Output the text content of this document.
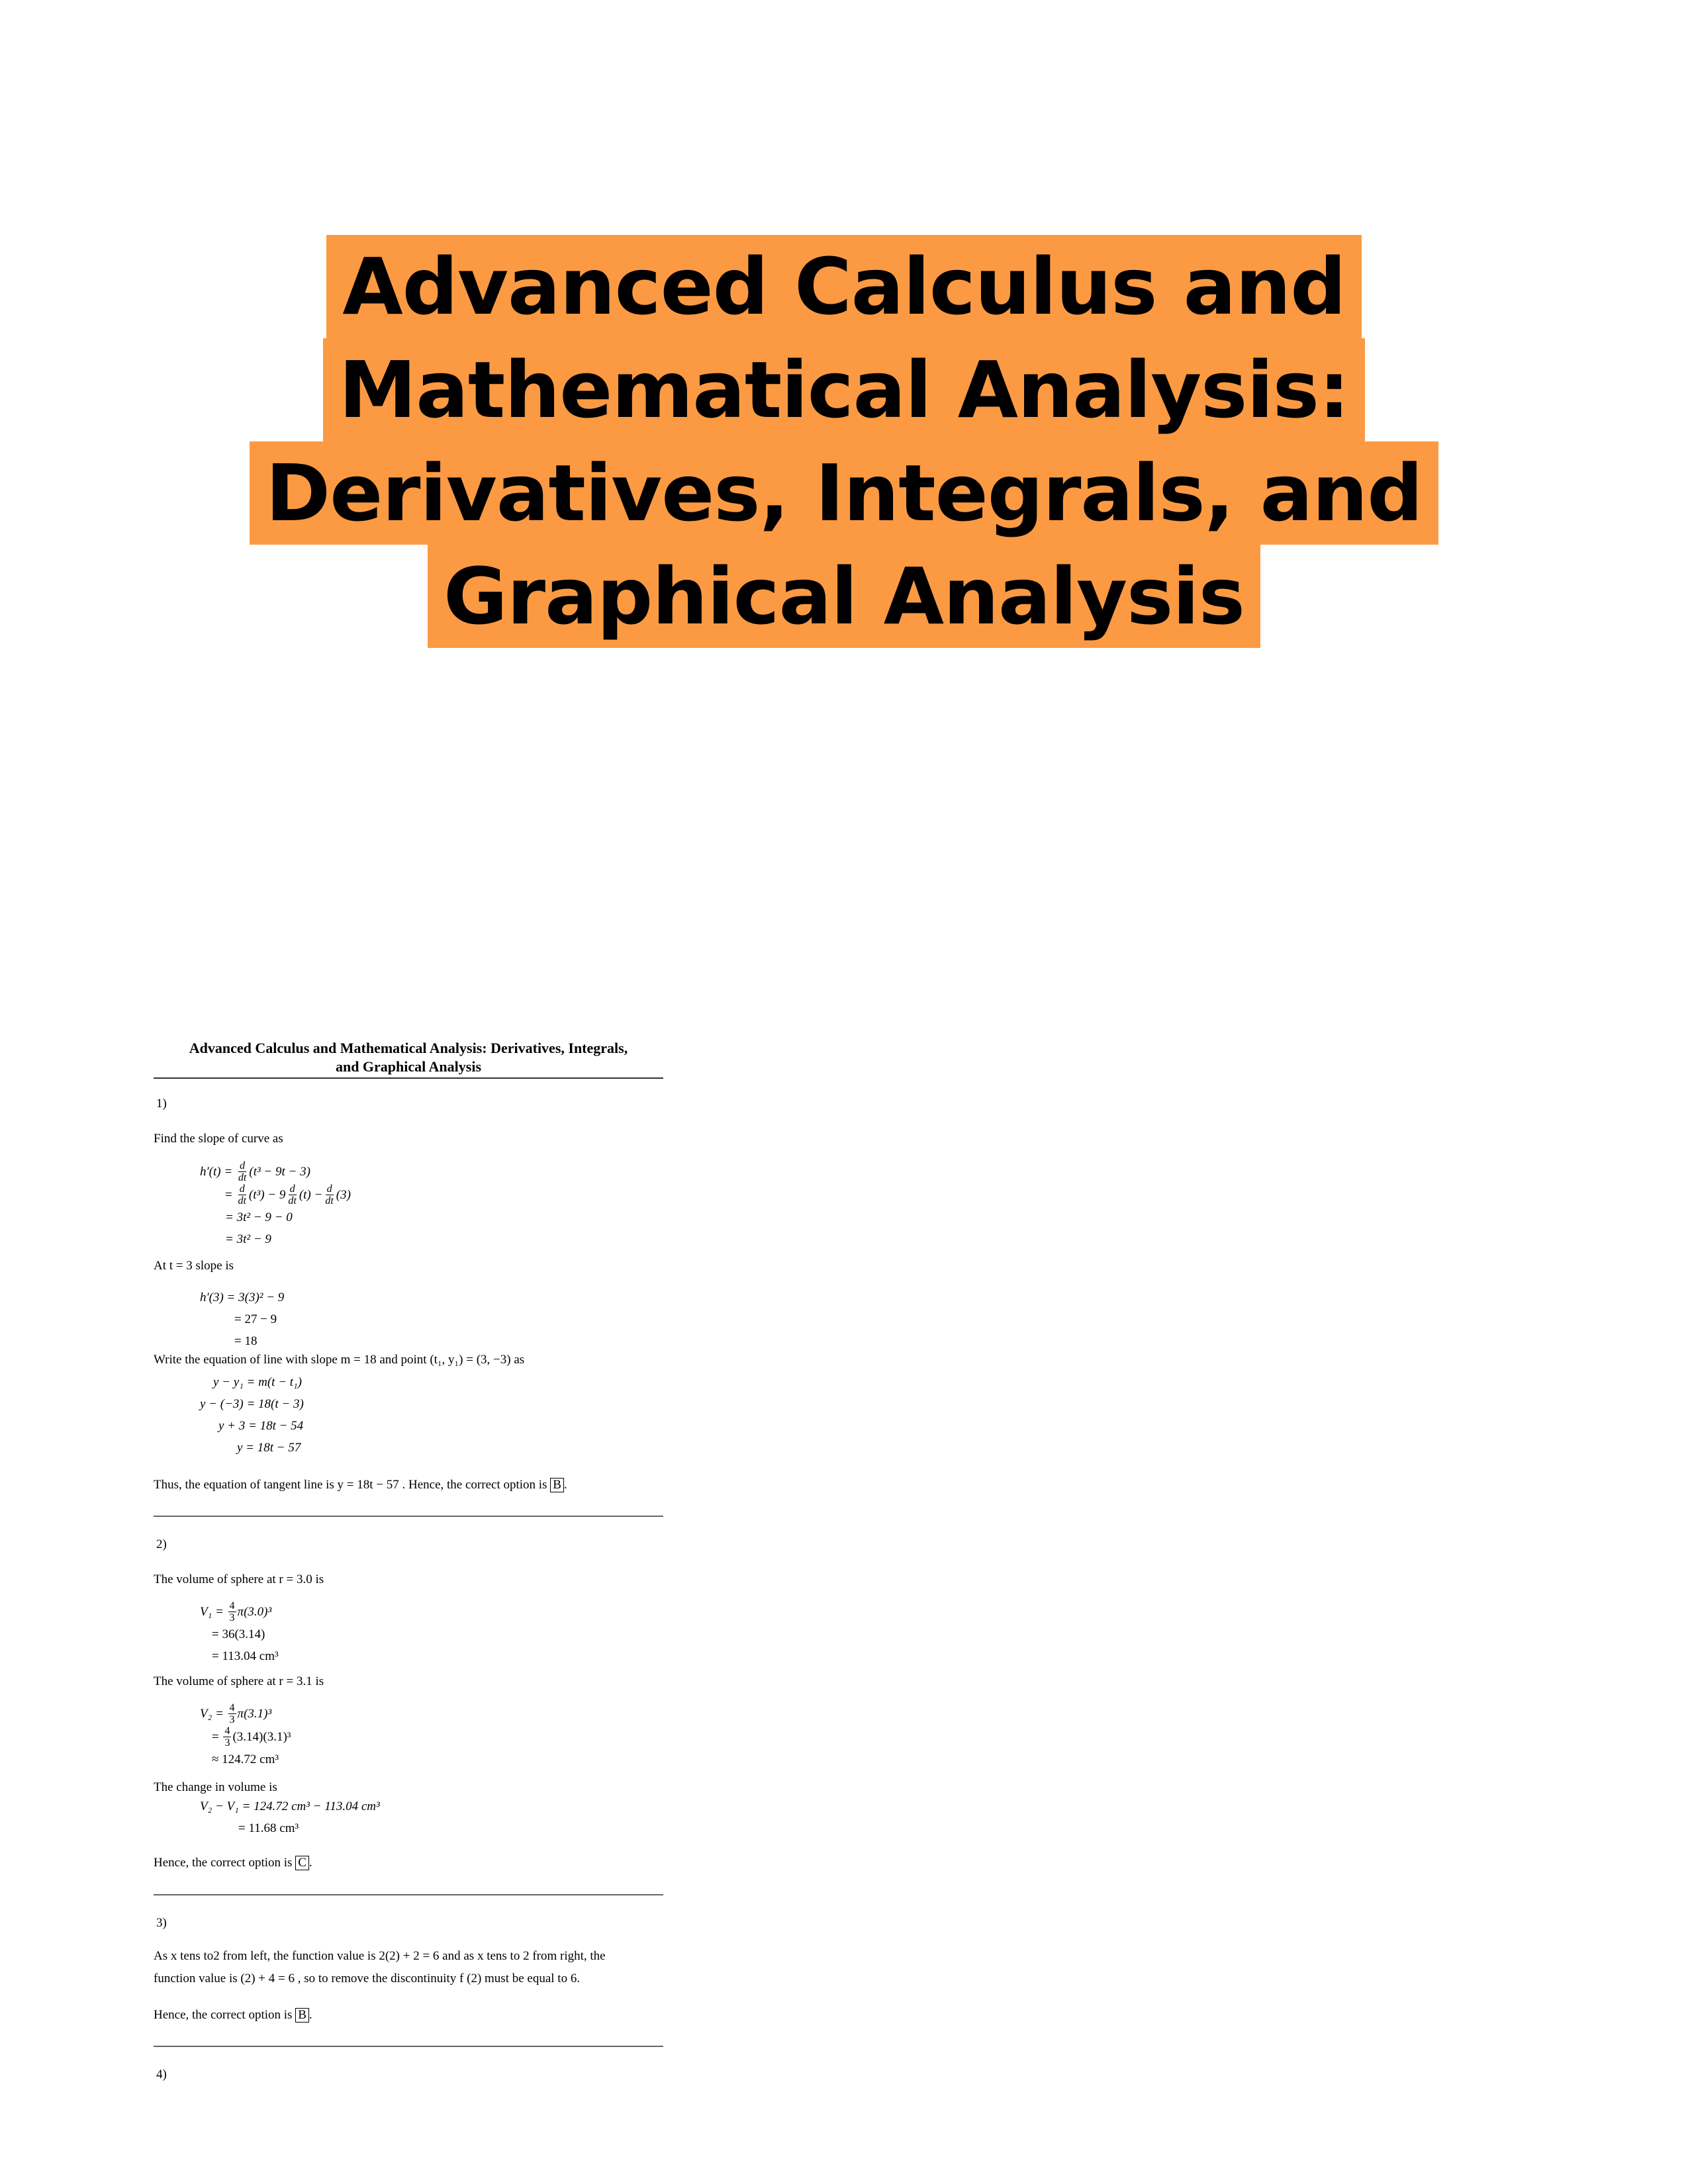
Advanced Calculus and
Mathematical Analysis:
Derivatives, Integrals, and
Graphical Analysis
Advanced Calculus and Mathematical Analysis: Derivatives, Integrals,
and Graphical Analysis
1)

Find the slope of curve as

$h'(t) = \frac{d}{dt} (t^3 - 9t - 3)$
= $\frac{d}{dt} (t^3) - 9 \frac{d}{dt} (t) - \frac{d}{dt} (3)$
= 3t² − 9 − 0
= 3t² − 9

At t = 3 slope is

h′(3) = 3(3)² − 9
= 27 − 9
= 18

Write the equation of line with slope m = 18 and point (t₁, y₁) = (3, −3) as

y − y₁ = m(t − t₁)
y − (−3) = 18(t − 3)
y + 3 = 18t − 54
y = 18t − 57

Thus, the equation of tangent line is y = 18t − 57 . Hence, the correct option is B .

2)

The volume of sphere at r = 3.0 is

$V_1 = \frac{4}{3} \pi(3.0)^3$
= 36(3.14)
= 113.04 cm³

The volume of sphere at r = 3.1 is

$V_2 = \frac{4}{3} \pi(3.1)^3$
= $\frac{4}{3} (3.14)(3.1)^3$
≈ 124.72 cm³

The change in volume is

V₂ − V₁ = 124.72 cm³ − 113.04 cm³
= 11.68 cm³

Hence, the correct option is C .

3)

As x tens to2 from left, the function value is 2(2) + 2 = 6 and as x tens to 2 from right, the

function value is (2) + 4 = 6 , so to remove the discontinuity f (2) must be equal to 6.

Hence, the correct option is B .

4)
